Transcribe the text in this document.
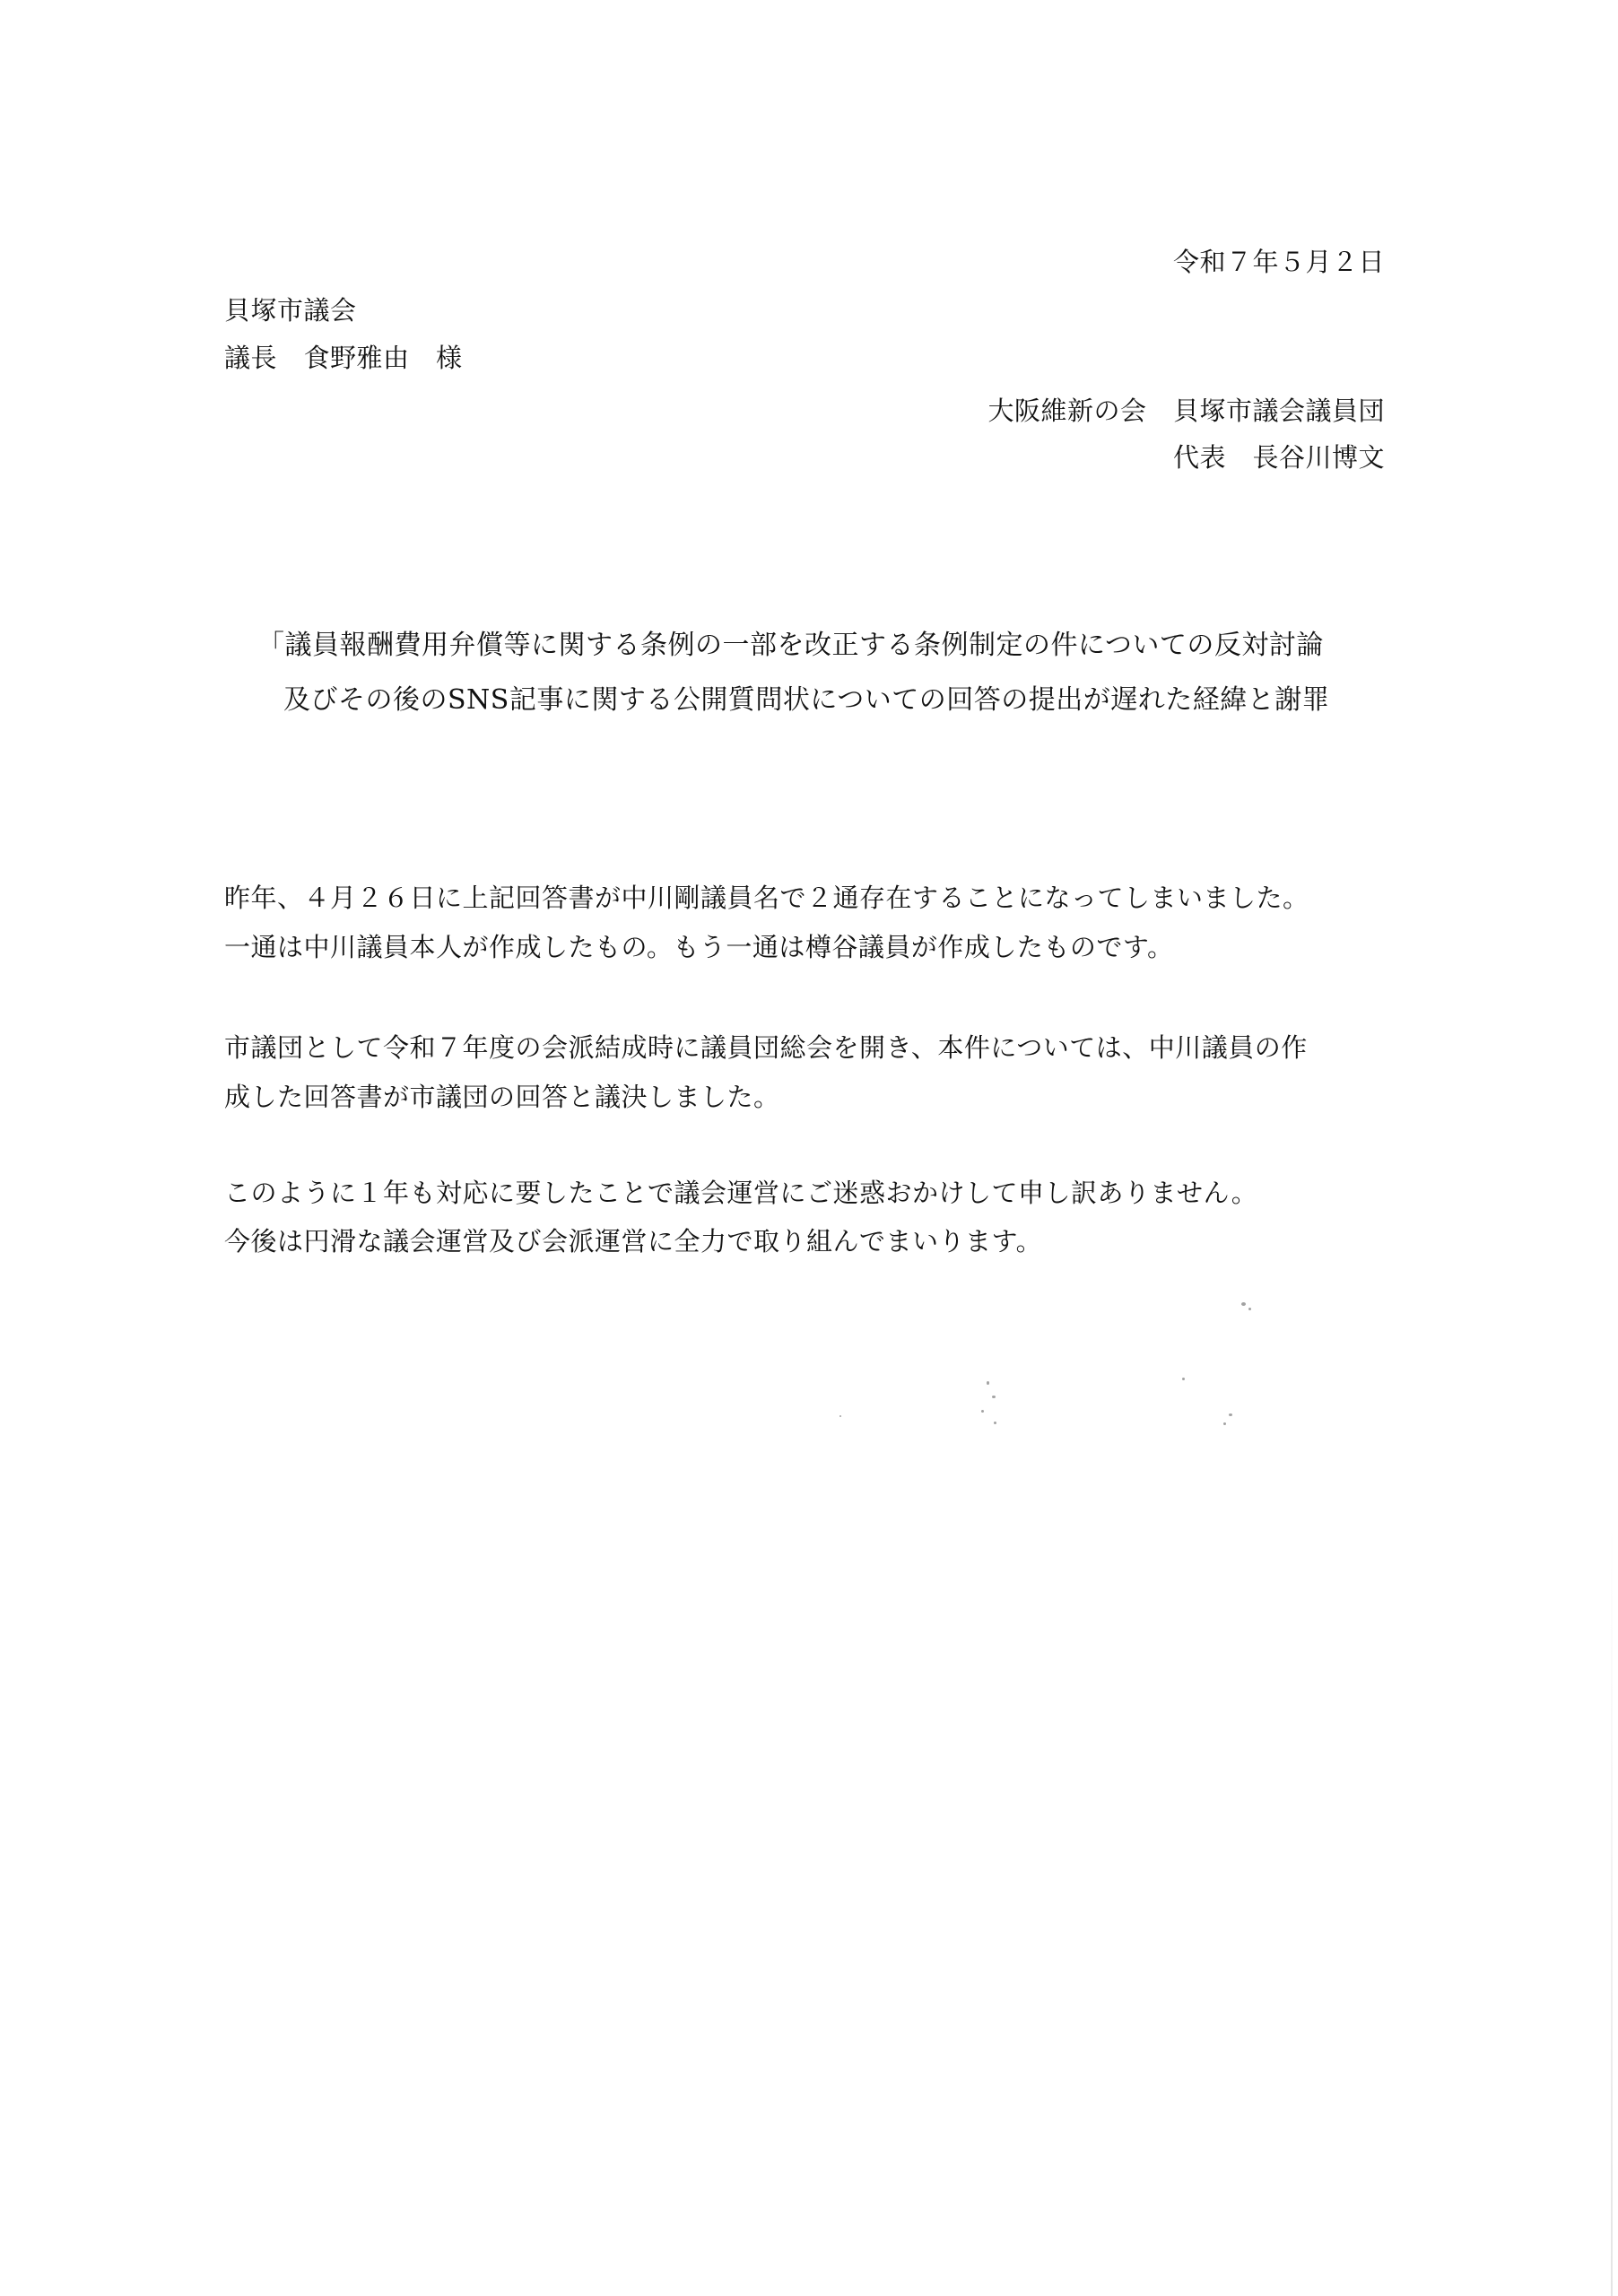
令和７年５月２日
貝塚市議会
議長　食野雅由　様
大阪維新の会　貝塚市議会議員団
代表　長谷川博文
「議員報酬費用弁償等に関する条例の一部を改正する条例制定の件についての反対討論
及びその後のSNS記事に関する公開質問状についての回答の提出が遅れた経緯と謝罪
昨年、４月２６日に上記回答書が中川剛議員名で２通存在することになってしまいました。
一通は中川議員本人が作成したもの。もう一通は樽谷議員が作成したものです。
市議団として令和７年度の会派結成時に議員団総会を開き、本件については、中川議員の作
成した回答書が市議団の回答と議決しました。
このように１年も対応に要したことで議会運営にご迷惑おかけして申し訳ありません。
今後は円滑な議会運営及び会派運営に全力で取り組んでまいります。
